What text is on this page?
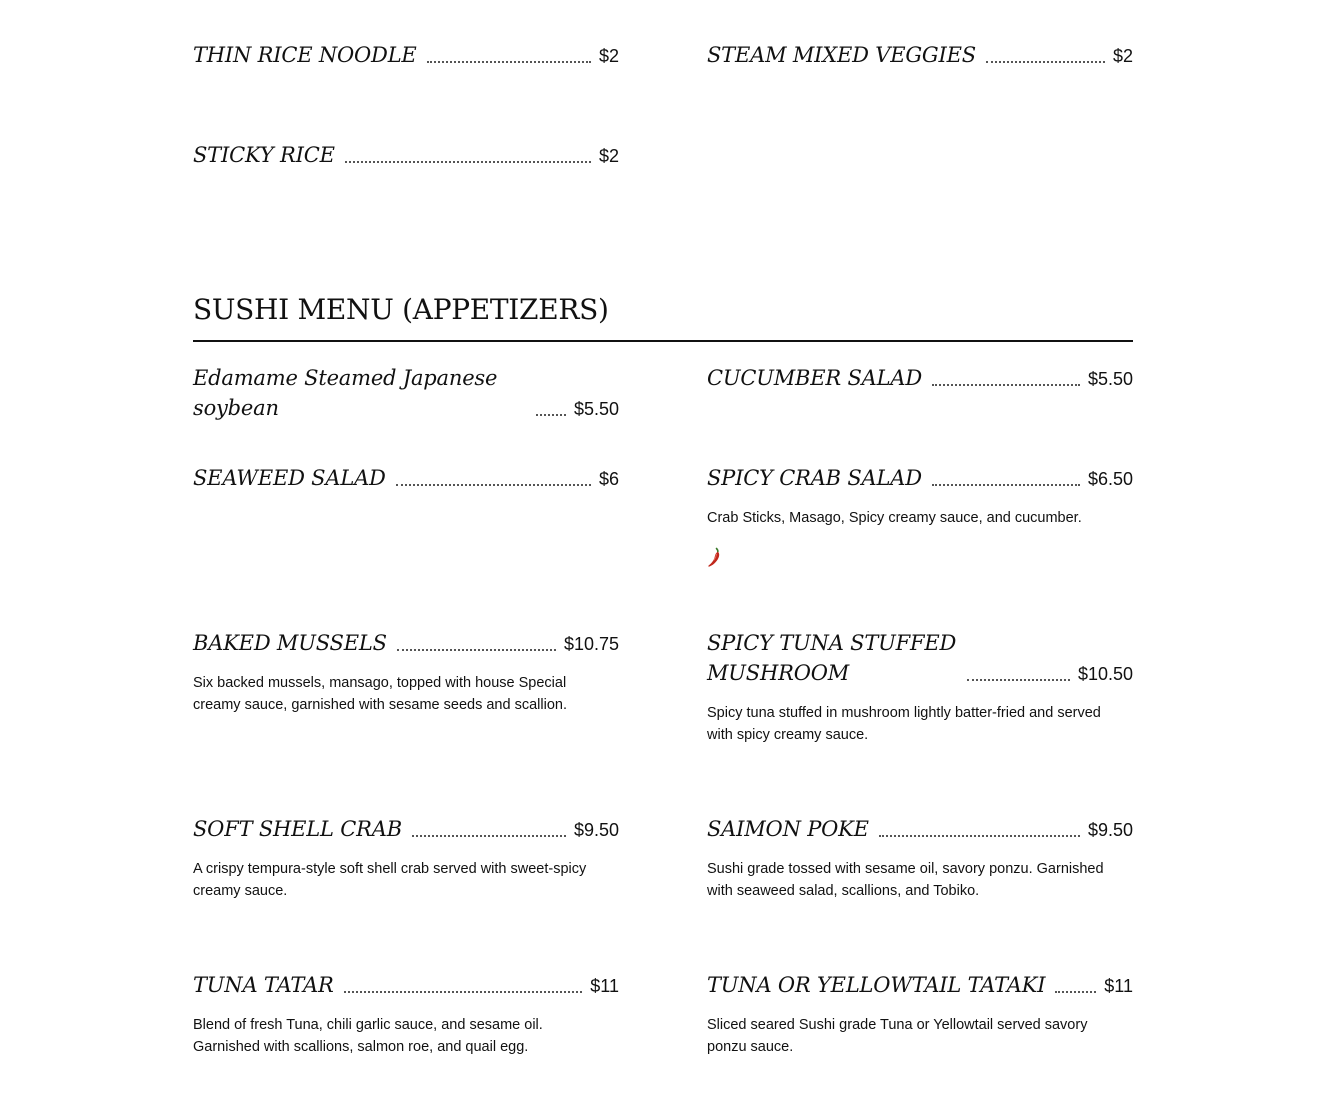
THIN RICE NOODLE	$2	STEAM MIXED VEGGIES	$2
STICKY RICE	$2
SUSHI MENU (APPETIZERS)
Edamame Steamed Japanese soybean	$5.50
CUCUMBER SALAD	$5.50
SEAWEED SALAD	$6	SPICY CRAB SALAD	$6.50
Crab Sticks, Masago, Spicy creamy sauce, and cucumber.
BAKED MUSSELS	$10.75
Six backed mussels, mansago, topped with house Special creamy sauce, garnished with sesame seeds and scallion.
SPICY TUNA STUFFED MUSHROOM	$10.50
Spicy tuna stuffed in mushroom lightly batter-fried and served with spicy creamy sauce.
SOFT SHELL CRAB	$9.50
A crispy tempura-style soft shell crab served with sweet-spicy creamy sauce.
SAIMON POKE	$9.50
Sushi grade tossed with sesame oil, savory ponzu. Garnished with seaweed salad, scallions, and Tobiko.
TUNA TATAR	$11
Blend of fresh Tuna, chili garlic sauce, and sesame oil. Garnished with scallions, salmon roe, and quail egg.
TUNA OR YELLOWTAIL TATAKI	$11
Sliced seared Sushi grade Tuna or Yellowtail served savory ponzu sauce.
